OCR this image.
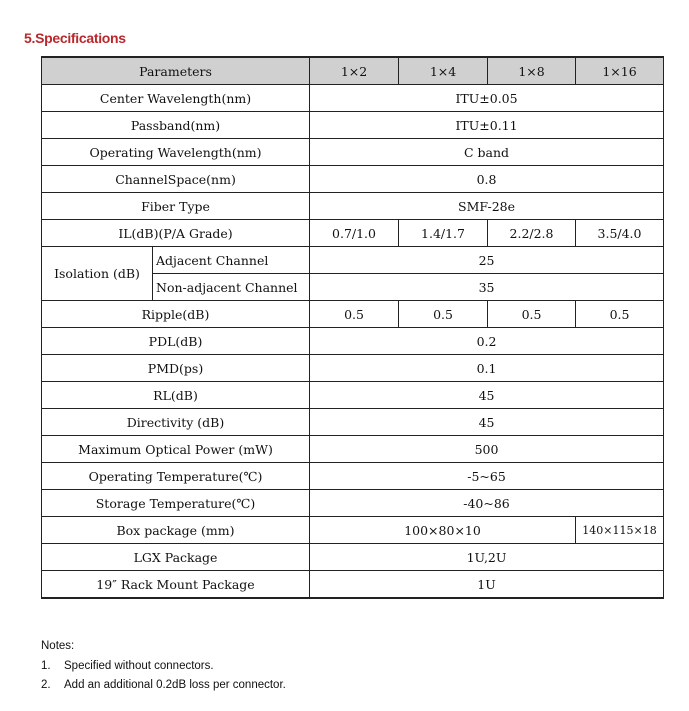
5.Specifications
Parameters		1×2	1×4	1×8	1×16
Center Wavelength(nm)		ITU±0.05			
Passband(nm)		ITU±0.11			
Operating Wavelength(nm)		C band			
ChannelSpace(nm)		0.8			
Fiber Type		SMF-28e			
IL(dB)(P/A Grade)		0.7/1.0	1.4/1.7	2.2/2.8	3.5/4.0
Isolation (dB)	Adjacent Channel	25			
	Non-adjacent Channel	35			
Ripple(dB)		0.5	0.5	0.5	0.5
PDL(dB)		0.2			
PMD(ps)		0.1			
RL(dB)		45			
Directivity (dB)		45			
Maximum Optical Power (mW)		500			
Operating Temperature(℃)		-5~65			
Storage Temperature(℃)		-40~86			
Box package (mm)		100×80×10			140×115×18
LGX Package		1U,2U			
19″ Rack Mount Package		1U			
Notes:
1. Specified without connectors.
2. Add an additional 0.2dB loss per connector.
